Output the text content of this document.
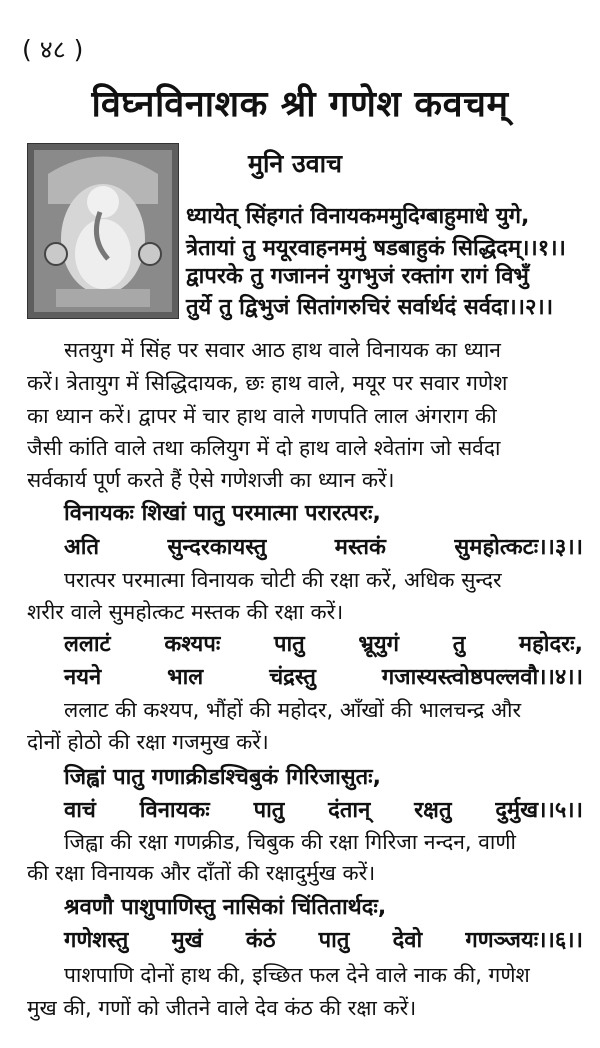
( ४८ )
विघ्नविनाशक श्री गणेश कवचम्
मुनि उवाच
ध्यायेत् सिंहगतं विनायकममुदिग्बाहुमाधे युगे,
त्रेतायां तु मयूरवाहनममुं षडबाहुकं सिद्धिदम्।।१।।
द्वापरके तु गजाननं युगभुजं रक्तांग रागं विभुँ
तुर्ये तु द्विभुजं सितांगरुचिरं सर्वार्थदं सर्वदा।।२।।
सतयुग में सिंह पर सवार आठ हाथ वाले विनायक का ध्यान
करें। त्रेतायुग में सिद्धिदायक, छः हाथ वाले, मयूर पर सवार गणेश
का ध्यान करें। द्वापर में चार हाथ वाले गणपति लाल अंगराग की
जैसी कांति वाले तथा कलियुग में दो हाथ वाले श्वेतांग जो सर्वदा
सर्वकार्य पूर्ण करते हैं ऐसे गणेशजी का ध्यान करें।
विनायकः शिखां पातु परमात्मा परारत्परः,
अति	सुन्दरकायस्तु	मस्तकं	सुमहोत्कटः।।३।।
परात्पर परमात्मा विनायक चोटी की रक्षा करें, अधिक सुन्दर
शरीर वाले सुमहोत्कट मस्तक की रक्षा करें।
ललाटं कश्यपः पातु भ्रूयुगं तु महोदरः,
नयने	भाल	चंद्रस्तु	गजास्यस्त्वोष्ठपल्लवौ।।४।।
ललाट की कश्यप, भौंहों की महोदर, आँखों की भालचन्द्र और
दोनों होठो की रक्षा गजमुख करें।
जिह्वां पातु गणाक्रीडश्चिबुकं गिरिजासुतः,
वाचं विनायकः पातु दंतान् रक्षतु दुर्मुख।।५।।
जिह्वा की रक्षा गणक्रीड, चिबुक की रक्षा गिरिजा नन्दन, वाणी
की रक्षा विनायक और दाँतों की रक्षादुर्मुख करें।
श्रवणौ पाशुपाणिस्तु नासिकां चिंतितार्थदः,
गणेशस्तु मुखं कंठं पातु देवो गणञ्जयः।।६।।
पाशपाणि दोनों हाथ की, इच्छित फल देने वाले नाक की, गणेश
मुख की, गणों को जीतने वाले देव कंठ की रक्षा करें।
